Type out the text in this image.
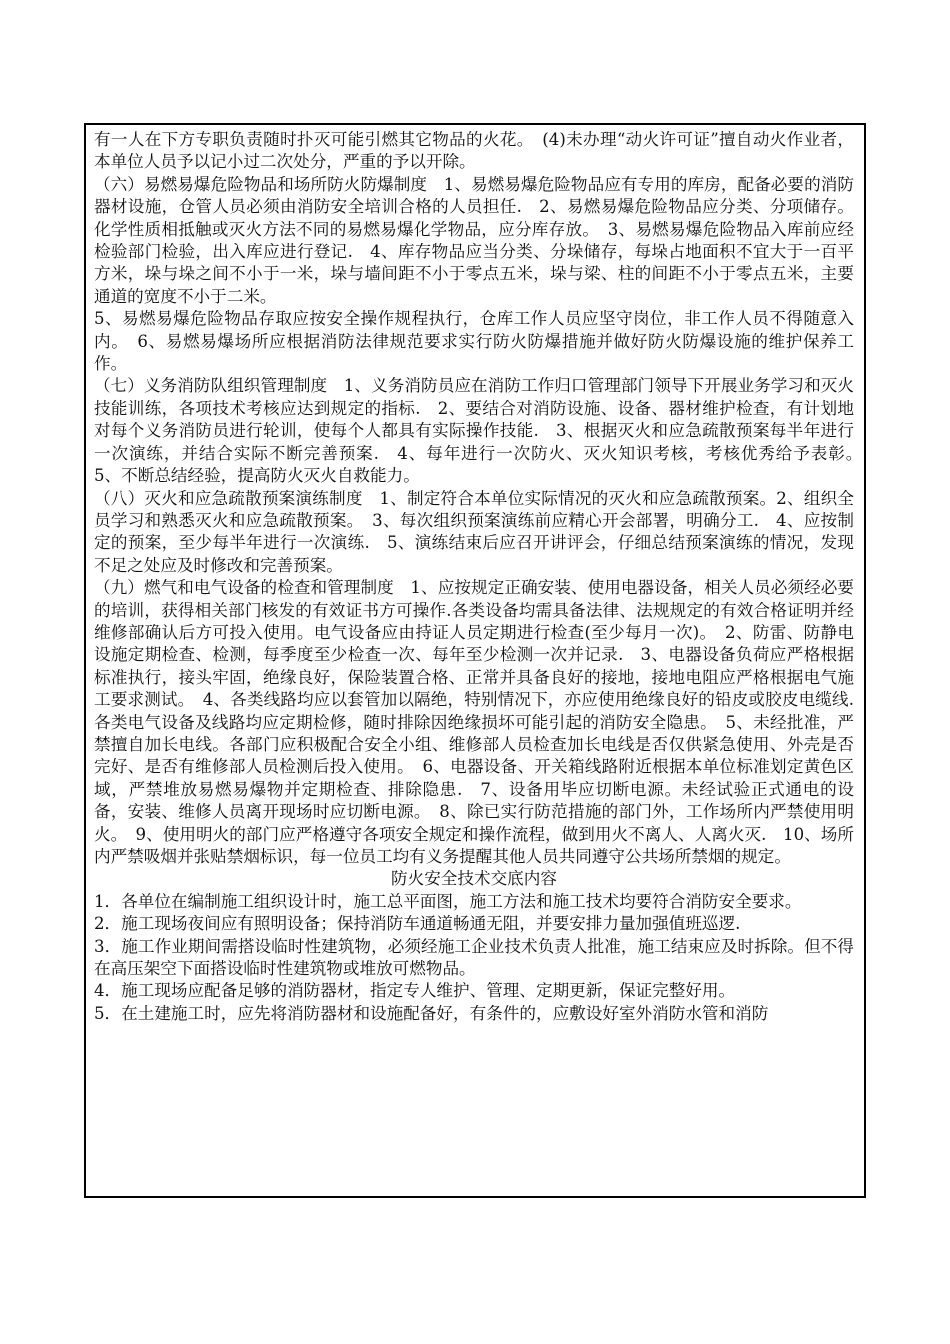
有一人在下方专职负责随时扑灭可能引燃其它物品的火花。　(4)未办理“动火许可证”擅自动火作业者，本单位人员予以记小过二次处分，严重的予以开除。

（六）易燃易爆危险物品和场所防火防爆制度　1、易燃易爆危险物品应有专用的库房，配备必要的消防器材设施，仓管人员必须由消防安全培训合格的人员担任.　2、易燃易爆危险物品应分类、分项储存。化学性质相抵触或灭火方法不同的易燃易爆化学物品，应分库存放。　3、易燃易爆危险物品入库前应经检验部门检验，出入库应进行登记.　4、库存物品应当分类、分垛储存，每垛占地面积不宜大于一百平方米，垛与垛之间不小于一米，垛与墙间距不小于零点五米，垛与梁、柱的间距不小于零点五米，主要通道的宽度不小于二米。

5、易燃易爆危险物品存取应按安全操作规程执行，仓库工作人员应坚守岗位，非工作人员不得随意入内。　6、易燃易爆场所应根据消防法律规范要求实行防火防爆措施并做好防火防爆设施的维护保养工作。

（七）义务消防队组织管理制度　1、义务消防员应在消防工作归口管理部门领导下开展业务学习和灭火技能训练，各项技术考核应达到规定的指标.　2、要结合对消防设施、设备、器材维护检查，有计划地对每个义务消防员进行轮训，使每个人都具有实际操作技能.　3、根据灭火和应急疏散预案每半年进行一次演练，并结合实际不断完善预案.　4、每年进行一次防火、灭火知识考核，考核优秀给予表彰。　5、不断总结经验，提高防火灭火自救能力。

（八）灭火和应急疏散预案演练制度　1、制定符合本单位实际情况的灭火和应急疏散预案。2、组织全员学习和熟悉灭火和应急疏散预案。　3、每次组织预案演练前应精心开会部署，明确分工.　4、应按制定的预案，至少每半年进行一次演练.　5、演练结束后应召开讲评会，仔细总结预案演练的情况，发现不足之处应及时修改和完善预案。

（九）燃气和电气设备的检查和管理制度　1、应按规定正确安装、使用电器设备，相关人员必须经必要的培训，获得相关部门核发的有效证书方可操作.各类设备均需具备法律、法规规定的有效合格证明并经维修部确认后方可投入使用。电气设备应由持证人员定期进行检查(至少每月一次)。　2、防雷、防静电设施定期检查、检测，每季度至少检查一次、每年至少检测一次并记录.　3、电器设备负荷应严格根据标准执行，接头牢固，绝缘良好，保险装置合格、正常并具备良好的接地，接地电阻应严格根据电气施工要求测试。　4、各类线路均应以套管加以隔绝，特别情况下，亦应使用绝缘良好的铅皮或胶皮电缆线.各类电气设备及线路均应定期检修，随时排除因绝缘损坏可能引起的消防安全隐患。　5、未经批准，严禁擅自加长电线。各部门应积极配合安全小组、维修部人员检查加长电线是否仅供紧急使用、外壳是否完好、是否有维修部人员检测后投入使用。　6、电器设备、开关箱线路附近根据本单位标准划定黄色区域，严禁堆放易燃易爆物并定期检查、排除隐患.　7、设备用毕应切断电源。未经试验正式通电的设备，安装、维修人员离开现场时应切断电源。　8、除已实行防范措施的部门外，工作场所内严禁使用明火。　9、使用明火的部门应严格遵守各项安全规定和操作流程，做到用火不离人、人离火灭.　10、场所内严禁吸烟并张贴禁烟标识，每一位员工均有义务提醒其他人员共同遵守公共场所禁烟的规定。

防火安全技术交底内容

1．各单位在编制施工组织设计时，施工总平面图，施工方法和施工技术均要符合消防安全要求。

2．施工现场夜间应有照明设备；保持消防车通道畅通无阻，并要安排力量加强值班巡逻.

3．施工作业期间需搭设临时性建筑物，必须经施工企业技术负责人批准，施工结束应及时拆除。但不得在高压架空下面搭设临时性建筑物或堆放可燃物品。

4．施工现场应配备足够的消防器材，指定专人维护、管理、定期更新，保证完整好用。

5．在土建施工时，应先将消防器材和设施配备好，有条件的，应敷设好室外消防水管和消防
